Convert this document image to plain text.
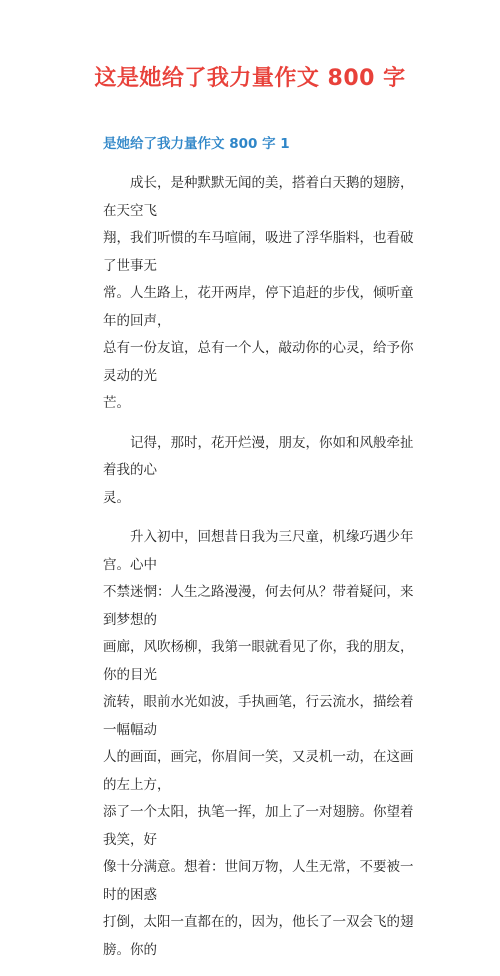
这是她给了我力量作文 800 字
是她给了我力量作文 800 字 1

　　成长，是种默默无闻的美，搭着白天鹅的翅膀，在天空飞
翔，我们听惯的车马喧闹，吸进了浮华脂料，也看破了世事无
常。人生路上，花开两岸，停下追赶的步伐，倾听童年的回声，
总有一份友谊，总有一个人，敲动你的心灵，给予你灵动的光
芒。

　　记得，那时，花开烂漫，朋友，你如和风般牵扯着我的心
灵。

　　升入初中，回想昔日我为三尺童，机缘巧遇少年宫。心中
不禁迷惘：人生之路漫漫，何去何从？带着疑问，来到梦想的
画廊，风吹杨柳，我第一眼就看见了你，我的朋友，你的目光
流转，眼前水光如波，手执画笔，行云流水，描绘着一幅幅动
人的画面，画完，你眉间一笑，又灵机一动，在这画的左上方，
添了一个太阳，执笔一挥，加上了一对翅膀。你望着我笑，好
像十分满意。想着：世间万物，人生无常，不要被一时的困惑
打倒，太阳一直都在的，因为，他长了一双会飞的翅膀。你的
